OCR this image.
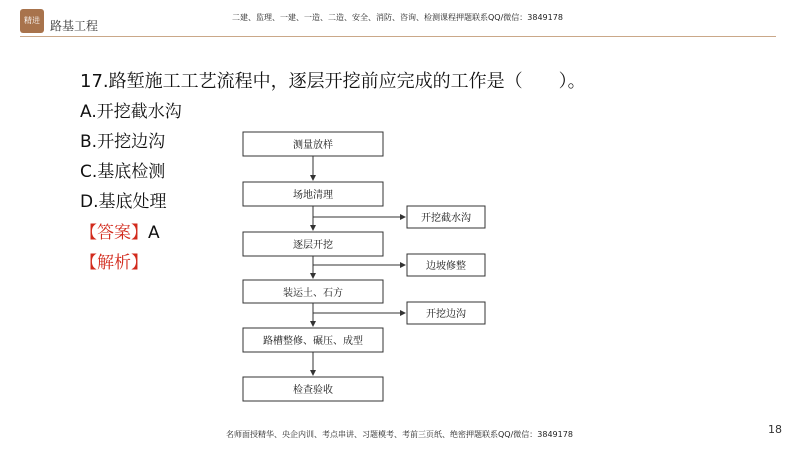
精进 路基工程
二建、监理、一建、一造、二造、安全、消防、咨询、检测课程押题联系QQ/微信：3849178
17.路堑施工工艺流程中，逐层开挖前应完成的工作是（　　）。
A.开挖截水沟
B.开挖边沟
C.基底检测
D.基底处理
【答案】A
【解析】
测量放样
场地清理
逐层开挖
装运土、石方
路槽整修、碾压、成型
检查验收
开挖截水沟
边坡修整
开挖边沟
名师面授精华、央企内训、考点串讲、习题模考、考前三页纸、绝密押题联系QQ/微信：3849178	18
